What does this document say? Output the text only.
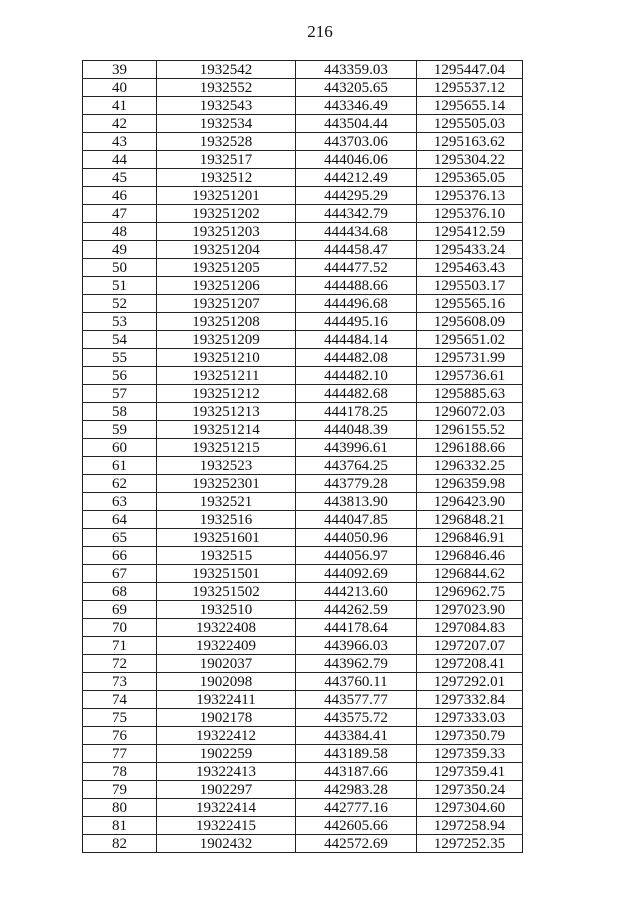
216
39	1932542	443359.03	1295447.04
40	1932552	443205.65	1295537.12
41	1932543	443346.49	1295655.14
42	1932534	443504.44	1295505.03
43	1932528	443703.06	1295163.62
44	1932517	444046.06	1295304.22
45	1932512	444212.49	1295365.05
46	193251201	444295.29	1295376.13
47	193251202	444342.79	1295376.10
48	193251203	444434.68	1295412.59
49	193251204	444458.47	1295433.24
50	193251205	444477.52	1295463.43
51	193251206	444488.66	1295503.17
52	193251207	444496.68	1295565.16
53	193251208	444495.16	1295608.09
54	193251209	444484.14	1295651.02
55	193251210	444482.08	1295731.99
56	193251211	444482.10	1295736.61
57	193251212	444482.68	1295885.63
58	193251213	444178.25	1296072.03
59	193251214	444048.39	1296155.52
60	193251215	443996.61	1296188.66
61	1932523	443764.25	1296332.25
62	193252301	443779.28	1296359.98
63	1932521	443813.90	1296423.90
64	1932516	444047.85	1296848.21
65	193251601	444050.96	1296846.91
66	1932515	444056.97	1296846.46
67	193251501	444092.69	1296844.62
68	193251502	444213.60	1296962.75
69	1932510	444262.59	1297023.90
70	19322408	444178.64	1297084.83
71	19322409	443966.03	1297207.07
72	1902037	443962.79	1297208.41
73	1902098	443760.11	1297292.01
74	19322411	443577.77	1297332.84
75	1902178	443575.72	1297333.03
76	19322412	443384.41	1297350.79
77	1902259	443189.58	1297359.33
78	19322413	443187.66	1297359.41
79	1902297	442983.28	1297350.24
80	19322414	442777.16	1297304.60
81	19322415	442605.66	1297258.94
82	1902432	442572.69	1297252.35
